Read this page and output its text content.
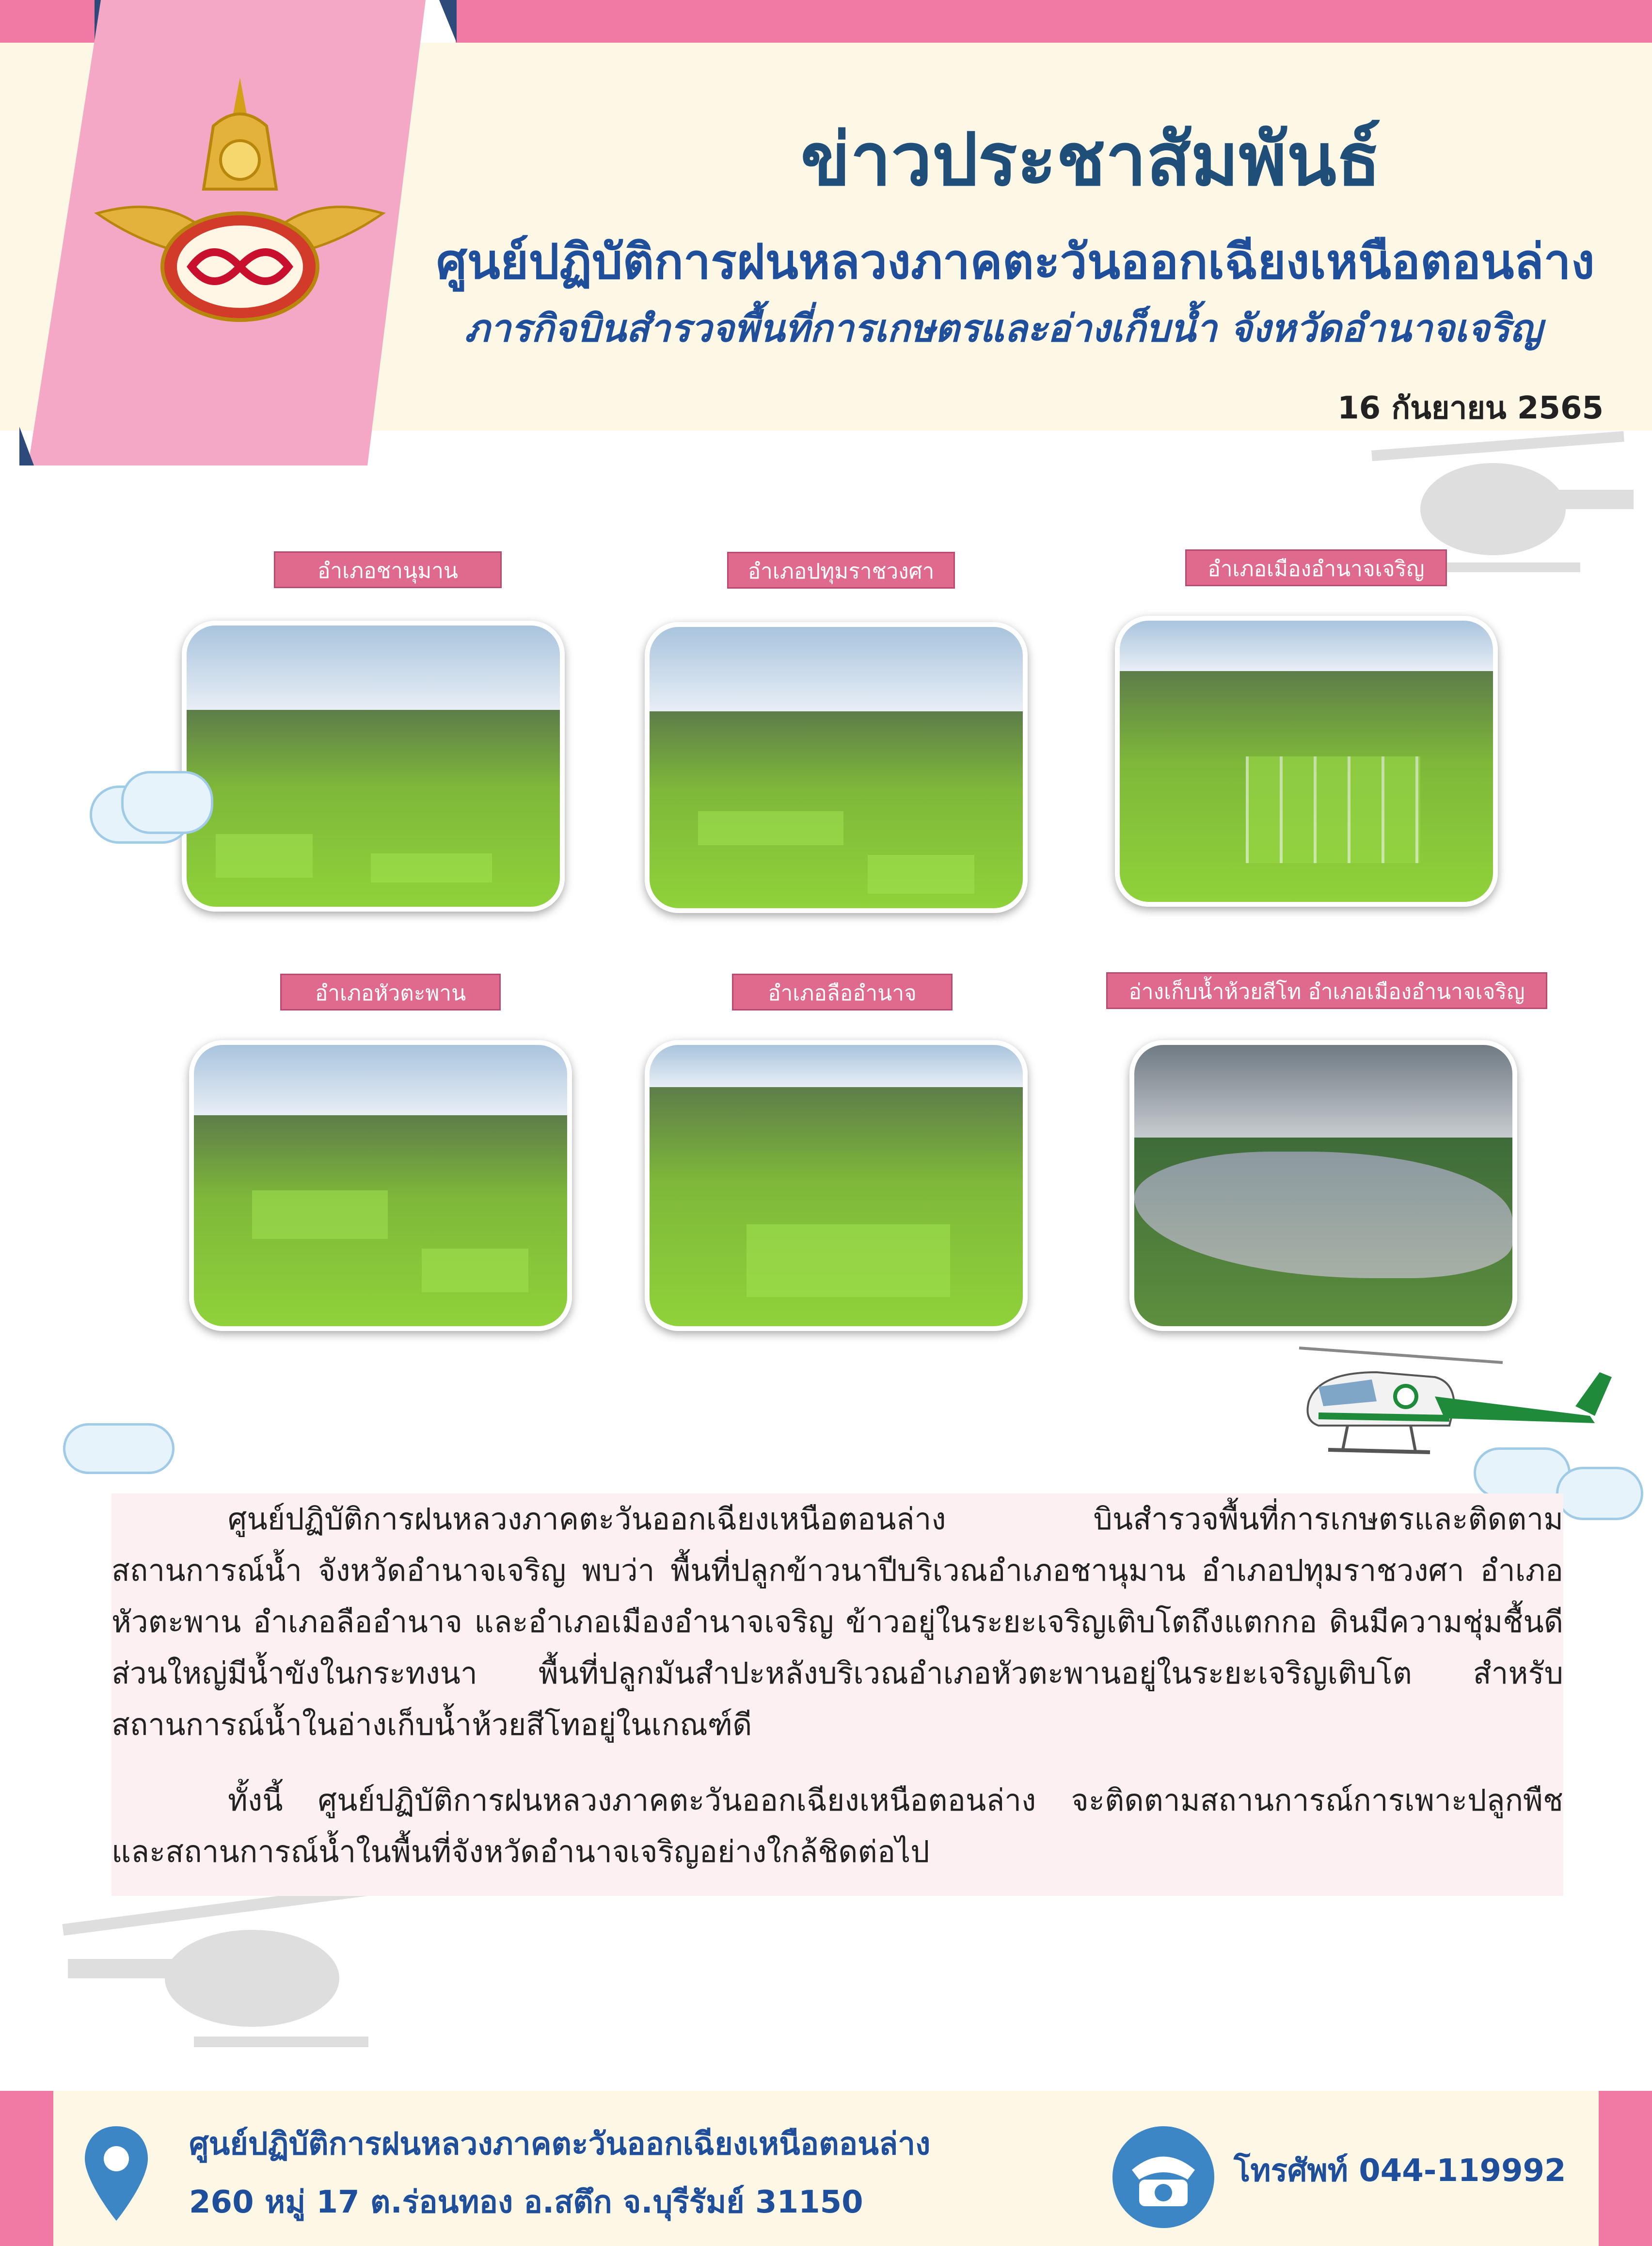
ข่าวประชาสัมพันธ์
ศูนย์ปฏิบัติการฝนหลวงภาคตะวันออกเฉียงเหนือตอนล่าง
ภารกิจบินสำรวจพื้นที่การเกษตรและอ่างเก็บน้ำ จังหวัดอำนาจเจริญ
16 กันยายน 2565
อำเภอชานุมาน	อำเภอปทุมราชวงศา	อำเภอเมืองอำนาจเจริญ
อำเภอหัวตะพาน	อำเภอลืออำนาจ	อ่างเก็บน้ำห้วยสีโท อำเภอเมืองอำนาจเจริญ
ศูนย์ปฏิบัติการฝนหลวงภาคตะวันออกเฉียงเหนือตอนล่าง บินสำรวจพื้นที่การเกษตรและติดตามสถานการณ์น้ำ จังหวัดอำนาจเจริญ พบว่า พื้นที่ปลูกข้าวนาปีบริเวณอำเภอชานุมาน อำเภอปทุมราชวงศา อำเภอหัวตะพาน อำเภอลืออำนาจ และอำเภอเมืองอำนาจเจริญ ข้าวอยู่ในระยะเจริญเติบโตถึงแตกกอ ดินมีความชุ่มชื้นดี ส่วนใหญ่มีน้ำขังในกระทงนา พื้นที่ปลูกมันสำปะหลังบริเวณอำเภอหัวตะพานอยู่ในระยะเจริญเติบโต สำหรับสถานการณ์น้ำในอ่างเก็บน้ำห้วยสีโทอยู่ในเกณฑ์ดี
ทั้งนี้ ศูนย์ปฏิบัติการฝนหลวงภาคตะวันออกเฉียงเหนือตอนล่าง จะติดตามสถานการณ์การเพาะปลูกพืชและสถานการณ์น้ำในพื้นที่จังหวัดอำนาจเจริญอย่างใกล้ชิดต่อไป
ศูนย์ปฏิบัติการฝนหลวงภาคตะวันออกเฉียงเหนือตอนล่าง
260 หมู่ 17 ต.ร่อนทอง อ.สตึก จ.บุรีรัมย์ 31150
โทรศัพท์ 044-119992
